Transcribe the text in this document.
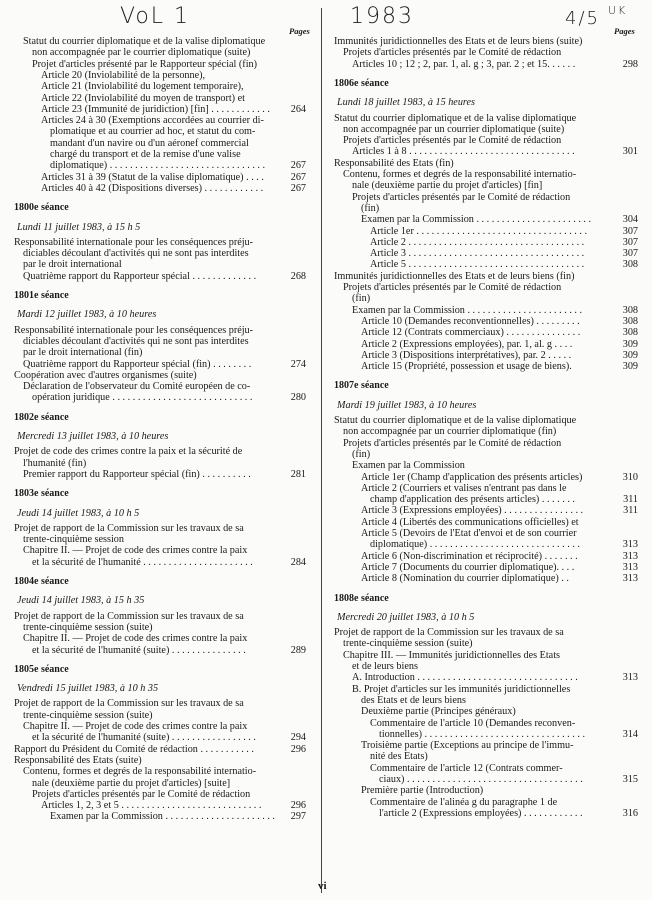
VoL 1	1983	4/5 UK
Pages	Pages
Statut du courrier diplomatique et de la valise diplomatique
non accompagnée par le courrier diplomatique (suite)
Projet d'articles présenté par le Rapporteur spécial (fin)
Article 20 (Inviolabilité de la personne),
Article 21 (Inviolabilité du logement temporaire),
Article 22 (Inviolabilité du moyen de transport) et
Article 23 (Immunité de juridiction) [fin] . . . . . . . . . . . .	264
Articles 24 à 30 (Exemptions accordées au courrier di-
plomatique et au courrier ad hoc, et statut du com-
mandant d'un navire ou d'un aéronef commercial
chargé du transport et de la remise d'une valise
diplomatique) . . . . . . . . . . . . . . . . . . . . . . . . . . . . . . .	267
Articles 31 à 39 (Statut de la valise diplomatique) . . . .	267
Articles 40 à 42 (Dispositions diverses) . . . . . . . . . . . .	267
1800e séance
Lundi 11 juillet 1983, à 15 h 5
Responsabilité internationale pour les conséquences préju-
diciables découlant d'activités qui ne sont pas interdites
par le droit international
Quatrième rapport du Rapporteur spécial . . . . . . . . . . . . .	268
1801e séance
Mardi 12 juillet 1983, à 10 heures
Responsabilité internationale pour les conséquences préju-
diciables découlant d'activités qui ne sont pas interdites
par le droit international (fin)
Quatrième rapport du Rapporteur spécial (fin) . . . . . . . .	274
Coopération avec d'autres organismes (suite)
Déclaration de l'observateur du Comité européen de co-
opération juridique . . . . . . . . . . . . . . . . . . . . . . . . . . . .	280
1802e séance
Mercredi 13 juillet 1983, à 10 heures
Projet de code des crimes contre la paix et la sécurité de
l'humanité (fin)
Premier rapport du Rapporteur spécial (fin) . . . . . . . . . .	281
1803e séance
Jeudi 14 juillet 1983, à 10 h 5
Projet de rapport de la Commission sur les travaux de sa
trente-cinquième session
Chapitre II. — Projet de code des crimes contre la paix
et la sécurité de l'humanité . . . . . . . . . . . . . . . . . . . . . .	284
1804e séance
Jeudi 14 juillet 1983, à 15 h 35
Projet de rapport de la Commission sur les travaux de sa
trente-cinquième session (suite)
Chapitre II. — Projet de code des crimes contre la paix
et la sécurité de l'humanité (suite) . . . . . . . . . . . . . . .	289
1805e séance
Vendredi 15 juillet 1983, à 10 h 35
Projet de rapport de la Commission sur les travaux de sa
trente-cinquième session (suite)
Chapitre II. — Projet de code des crimes contre la paix
et la sécurité de l'humanité (suite) . . . . . . . . . . . . . . . . .	294
Rapport du Président du Comité de rédaction . . . . . . . . . . .	296
Responsabilité des Etats (suite)
Contenu, formes et degrés de la responsabilité internatio-
nale (deuxième partie du projet d'articles) [suite]
Projets d'articles présentés par le Comité de rédaction
Articles 1, 2, 3 et 5 . . . . . . . . . . . . . . . . . . . . . . . . . . . .	296
Examen par la Commission . . . . . . . . . . . . . . . . . . . . . .	297
Immunités juridictionnelles des Etats et de leurs biens (suite)
Projets d'articles présentés par le Comité de rédaction
Articles 10 ; 12 ; 2, par. 1, al. g ; 3, par. 2 ; et 15. . . . . .	298
1806e séance
Lundi 18 juillet 1983, à 15 heures
Statut du courrier diplomatique et de la valise diplomatique
non accompagnée par un courrier diplomatique (suite)
Projets d'articles présentés par le Comité de rédaction
Articles 1 à 8 . . . . . . . . . . . . . . . . . . . . . . . . . . . . . . . . .	301
Responsabilité des Etats (fin)
Contenu, formes et degrés de la responsabilité internatio-
nale (deuxième partie du projet d'articles) [fin]
Projets d'articles présentés par le Comité de rédaction
(fin)
Examen par la Commission . . . . . . . . . . . . . . . . . . . . . . .	304
Article 1er . . . . . . . . . . . . . . . . . . . . . . . . . . . . . . . . . .	307
Article 2 . . . . . . . . . . . . . . . . . . . . . . . . . . . . . . . . . . .	307
Article 3 . . . . . . . . . . . . . . . . . . . . . . . . . . . . . . . . . . .	307
Article 5 . . . . . . . . . . . . . . . . . . . . . . . . . . . . . . . . . . .	308
Immunités juridictionnelles des Etats et de leurs biens (fin)
Projets d'articles présentés par le Comité de rédaction
(fin)
Examen par la Commission . . . . . . . . . . . . . . . . . . . . . . .	308
Article 10 (Demandes reconventionnelles) . . . . . . . . .	308
Article 12 (Contrats commerciaux) . . . . . . . . . . . . . . .	308
Article 2 (Expressions employées), par. 1, al. g . . . .	309
Article 3 (Dispositions interprétatives), par. 2 . . . . .	309
Article 15 (Propriété, possession et usage de biens).	309
1807e séance
Mardi 19 juillet 1983, à 10 heures
Statut du courrier diplomatique et de la valise diplomatique
non accompagnée par un courrier diplomatique (fin)
Projets d'articles présentés par le Comité de rédaction
(fin)
Examen par la Commission
Article 1er (Champ d'application des présents articles)	310
Article 2 (Courriers et valises n'entrant pas dans le
champ d'application des présents articles) . . . . . . .	311
Article 3 (Expressions employées) . . . . . . . . . . . . . . . .	311
Article 4 (Libertés des communications officielles) et
Article 5 (Devoirs de l'Etat d'envoi et de son courrier
diplomatique) . . . . . . . . . . . . . . . . . . . . . . . . . . . . . .	313
Article 6 (Non-discrimination et réciprocité) . . . . . . .	313
Article 7 (Documents du courrier diplomatique). . . .	313
Article 8 (Nomination du courrier diplomatique) . .	313
1808e séance
Mercredi 20 juillet 1983, à 10 h 5
Projet de rapport de la Commission sur les travaux de sa
trente-cinquième session (suite)
Chapitre III. — Immunités juridictionnelles des Etats
et de leurs biens
A. Introduction . . . . . . . . . . . . . . . . . . . . . . . . . . . . . . . .	313
B. Projet d'articles sur les immunités juridictionnelles
des Etats et de leurs biens
Deuxième partie (Principes généraux)
Commentaire de l'article 10 (Demandes reconven-
tionnelles) . . . . . . . . . . . . . . . . . . . . . . . . . . . . . . . .	314
Troisième partie (Exceptions au principe de l'immu-
nité des Etats)
Commentaire de l'article 12 (Contrats commer-
ciaux) . . . . . . . . . . . . . . . . . . . . . . . . . . . . . . . . . . .	315
Première partie (Introduction)
Commentaire de l'alinéa g du paragraphe 1 de
l'article 2 (Expressions employées) . . . . . . . . . . . .	316
vi
